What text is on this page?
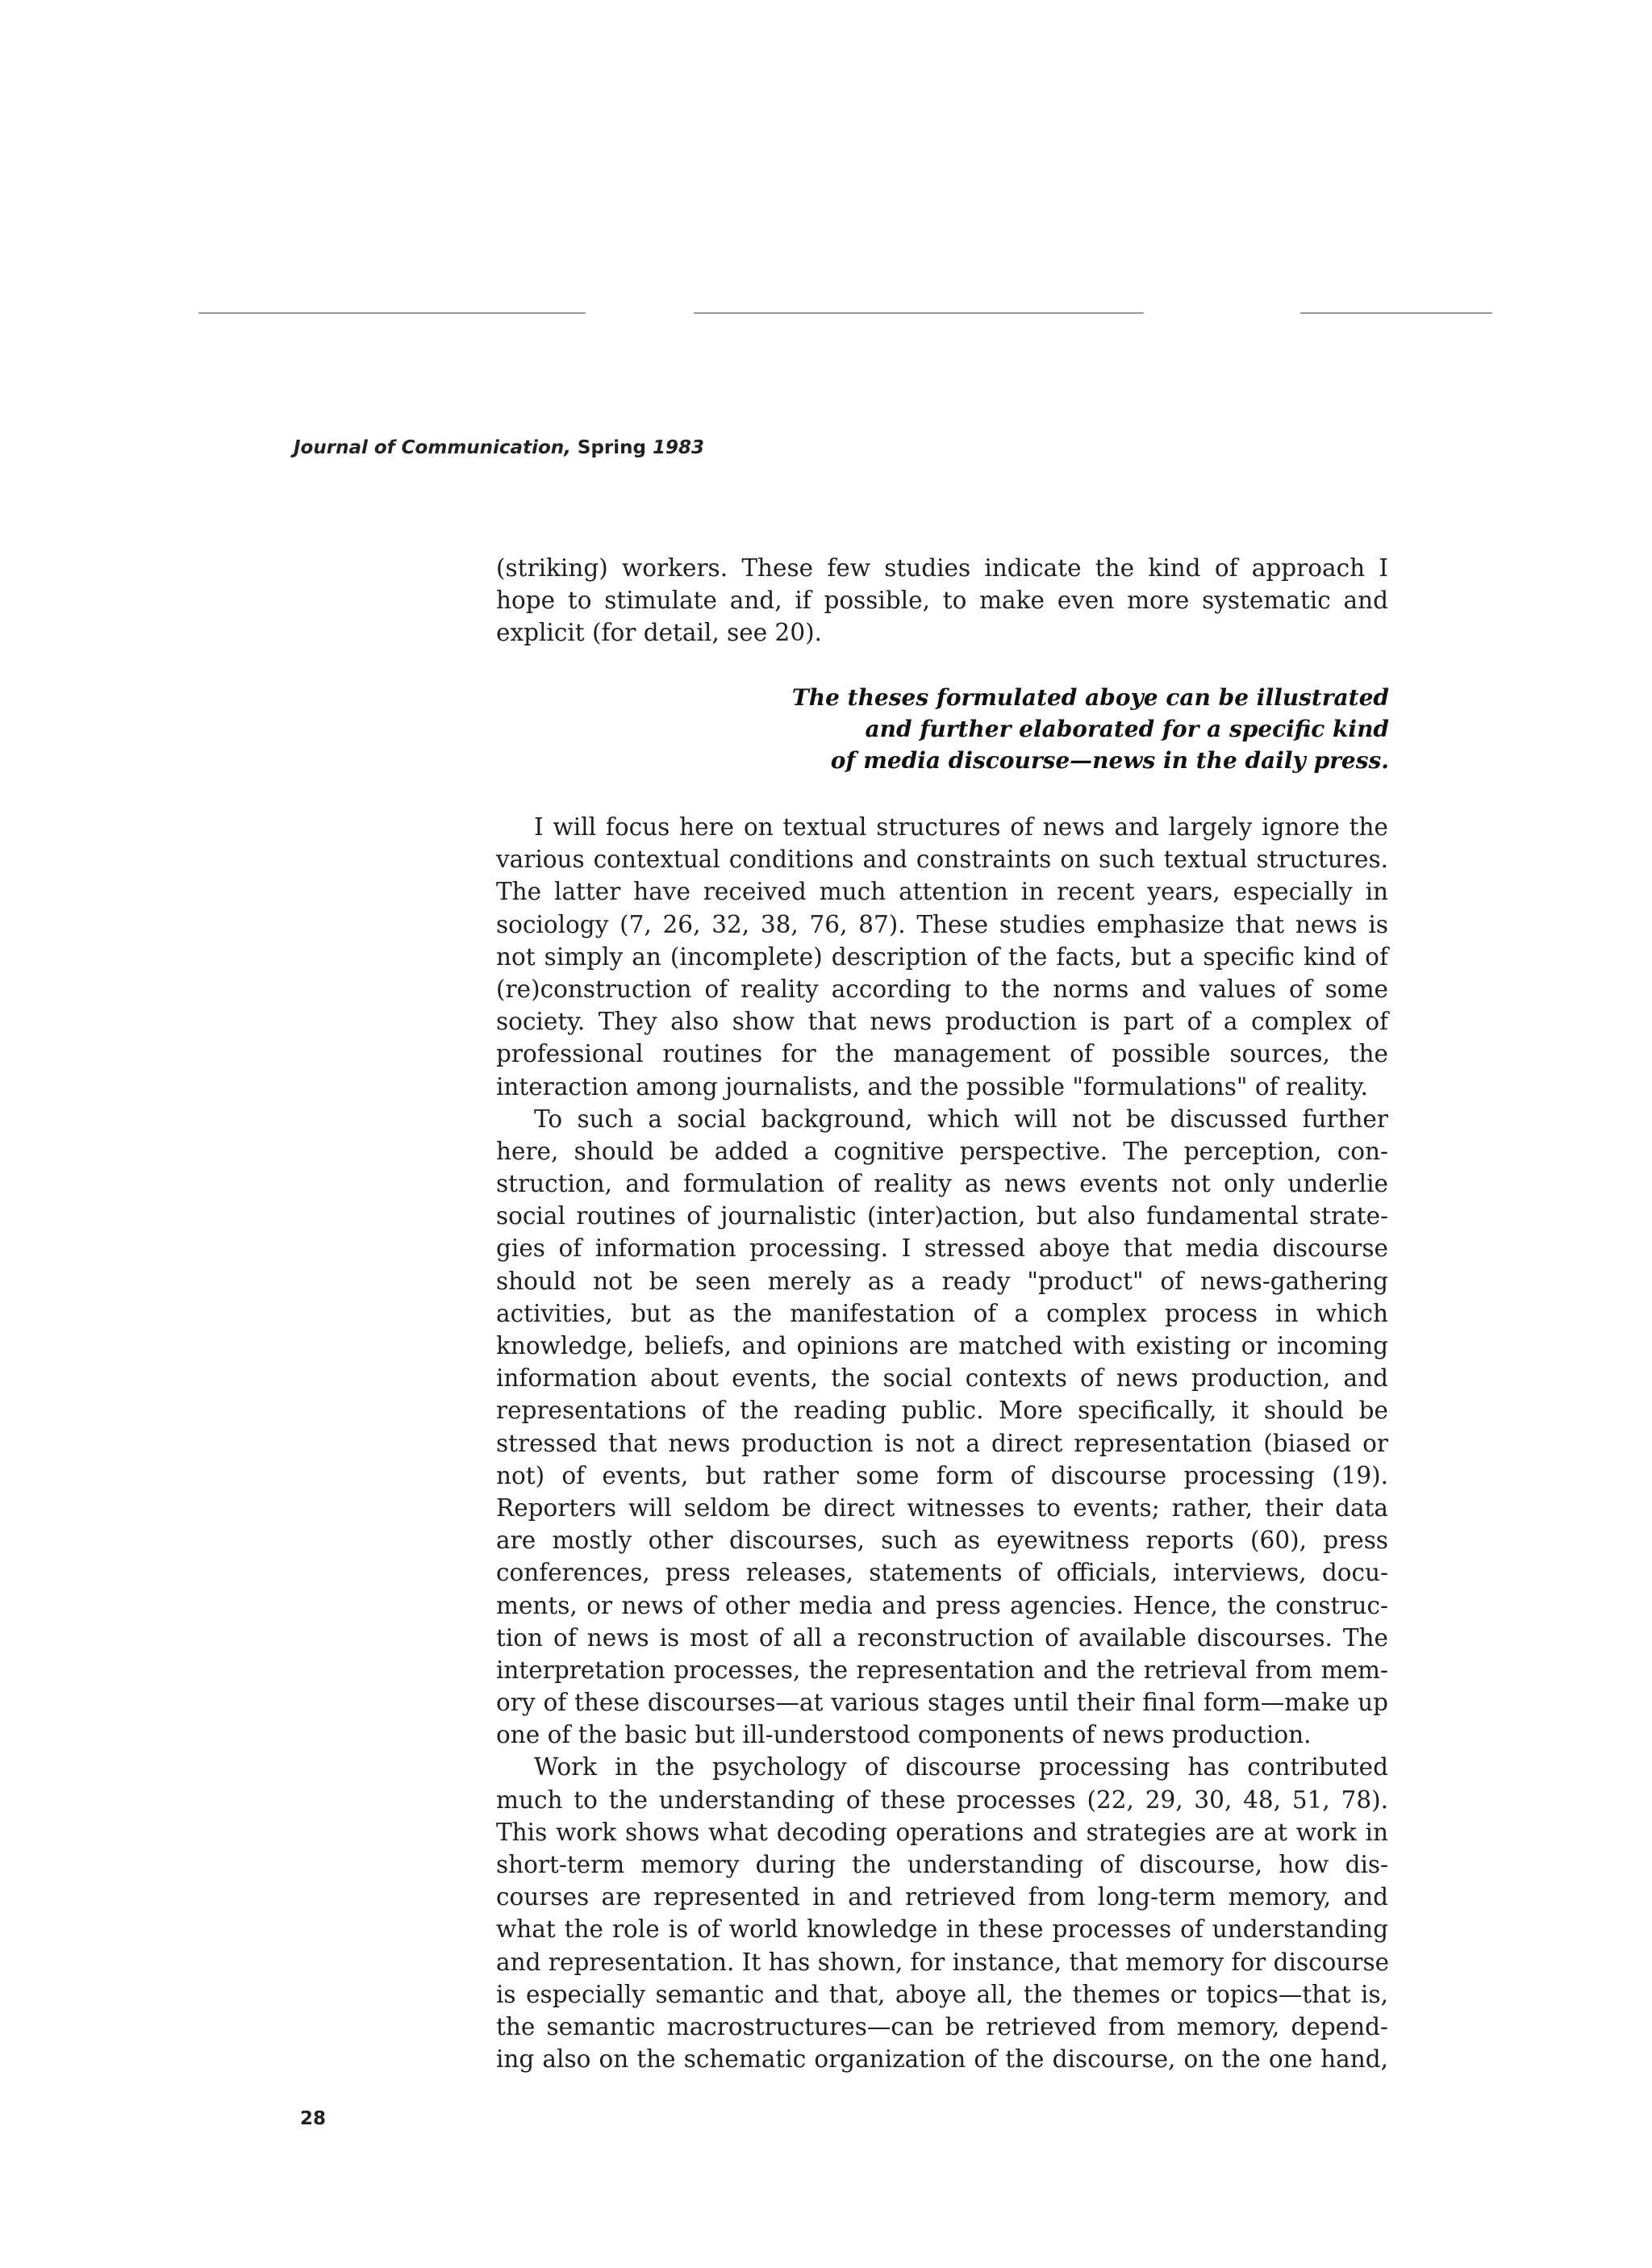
Journal of Communication, Spring 1983
(striking) workers. These few studies indicate the kind of approach I
hope to stimulate and, if possible, to make even more systematic and
explicit (for detail, see 20).
The theses formulated aboye can be illustrated
and further elaborated for a specific kind
of media discourse—news in the daily press.
I will focus here on textual structures of news and largely ignore the
various contextual conditions and constraints on such textual structures.
The latter have received much attention in recent years, especially in
sociology (7, 26, 32, 38, 76, 87). These studies emphasize that news is
not simply an (incomplete) description of the facts, but a specific kind of
(re)construction of reality according to the norms and values of some
society. They also show that news production is part of a complex of
professional routines for the management of possible sources, the
interaction among journalists, and the possible "formulations" of reality.
To such a social background, which will not be discussed further
here, should be added a cognitive perspective. The perception, con-
struction, and formulation of reality as news events not only underlie
social routines of journalistic (inter)action, but also fundamental strate-
gies of information processing. I stressed aboye that media discourse
should not be seen merely as a ready "product" of news-gathering
activities, but as the manifestation of a complex process in which
knowledge, beliefs, and opinions are matched with existing or incoming
information about events, the social contexts of news production, and
representations of the reading public. More specifically, it should be
stressed that news production is not a direct representation (biased or
not) of events, but rather some form of discourse processing (19).
Reporters will seldom be direct witnesses to events; rather, their data
are mostly other discourses, such as eyewitness reports (60), press
conferences, press releases, statements of officials, interviews, docu-
ments, or news of other media and press agencies. Hence, the construc-
tion of news is most of all a reconstruction of available discourses. The
interpretation processes, the representation and the retrieval from mem-
ory of these discourses—at various stages until their final form—make up
one of the basic but ill-understood components of news production.
Work in the psychology of discourse processing has contributed
much to the understanding of these processes (22, 29, 30, 48, 51, 78).
This work shows what decoding operations and strategies are at work in
short-term memory during the understanding of discourse, how dis-
courses are represented in and retrieved from long-term memory, and
what the role is of world knowledge in these processes of understanding
and representation. It has shown, for instance, that memory for discourse
is especially semantic and that, aboye all, the themes or topics—that is,
the semantic macrostructures—can be retrieved from memory, depend-
ing also on the schematic organization of the discourse, on the one hand,
28
